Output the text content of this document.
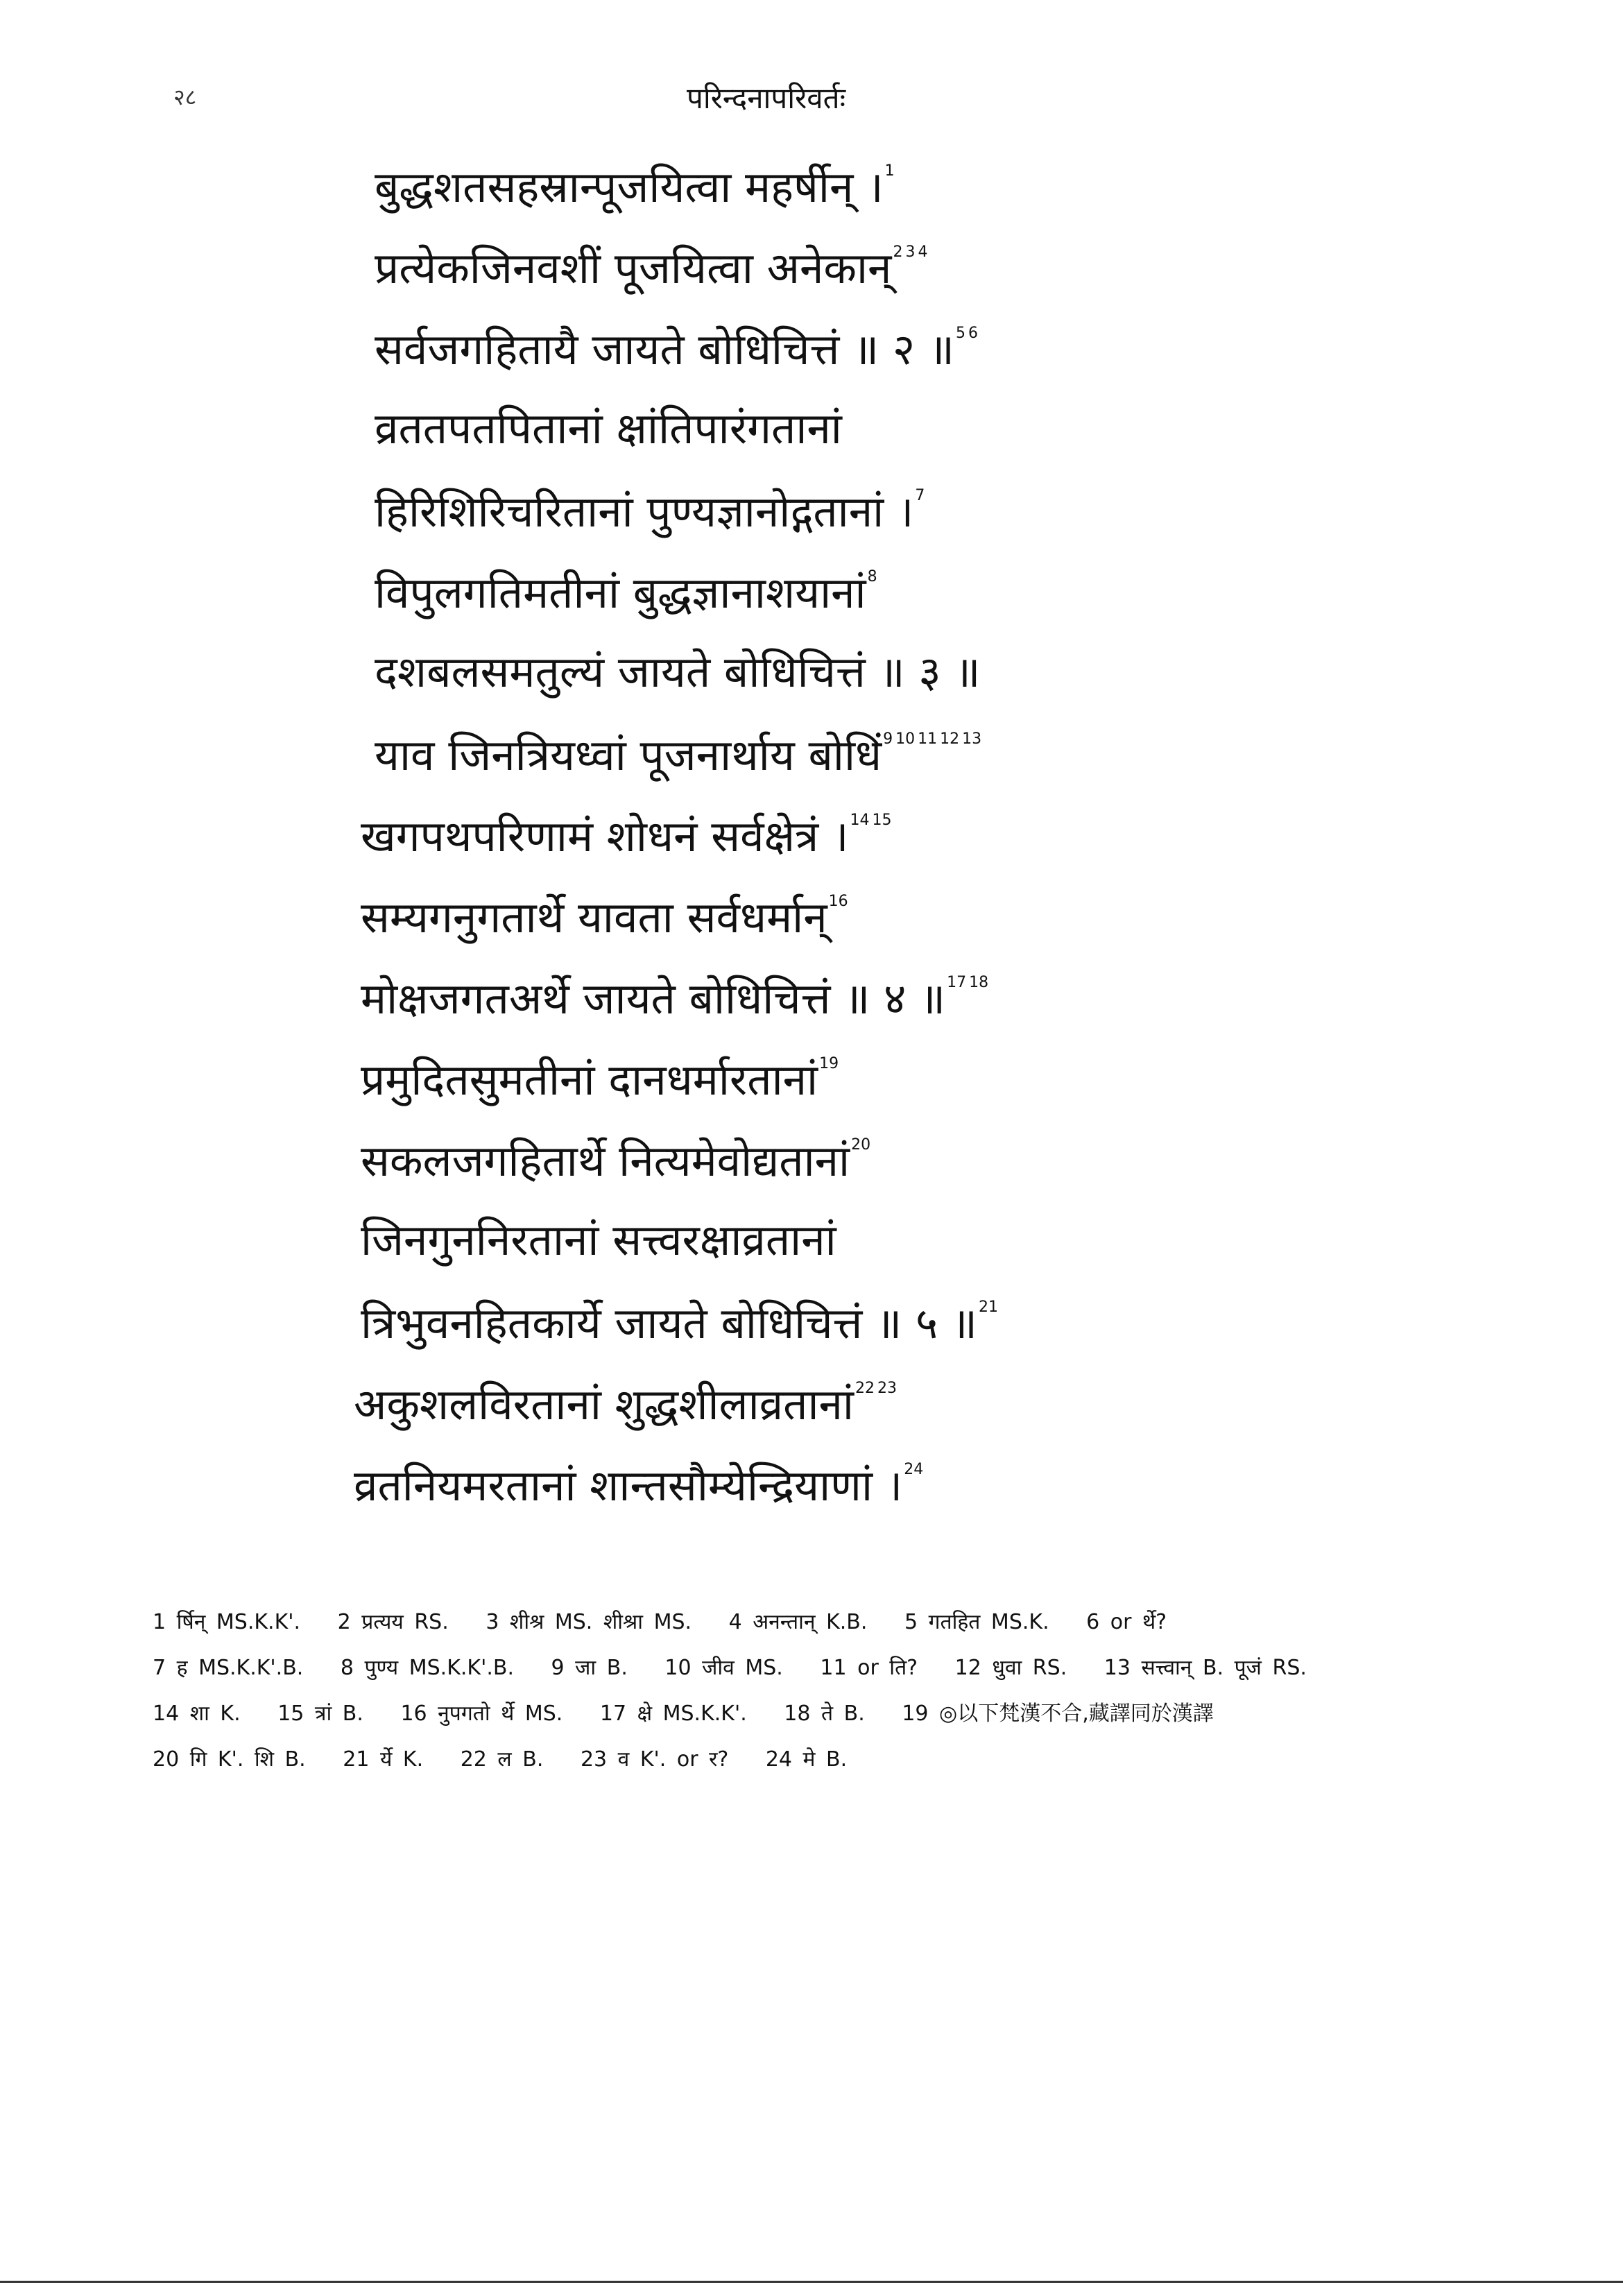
२८	परिन्दनापरिवर्तः
बुद्धशतसहस्रान्पूजयित्वा महर्षीन् ।1
प्रत्येकजिनवशीं पूजयित्वा अनेकान्2 3 4
सर्वजगहितायै जायते बोधिचित्तं ॥ २ ॥5 6
व्रततपतपितानां क्षांतिपारंगतानां
हिरिशिरिचरितानां पुण्यज्ञानोद्गतानां ।7
विपुलगतिमतीनां बुद्धज्ञानाशयानां8
दशबलसमतुल्यं जायते बोधिचित्तं ॥ ३ ॥
याव जिनत्रियध्वां पूजनार्थाय बोधिं9 10 11 12 13
खगपथपरिणामं शोधनं सर्वक्षेत्रं ।14 15
सम्यगनुगतार्थे यावता सर्वधर्मान्16
मोक्षजगतअर्थे जायते बोधिचित्तं ॥ ४ ॥17 18
प्रमुदितसुमतीनां दानधर्मारतानां19
सकलजगहितार्थे नित्यमेवोद्यतानां20
जिनगुननिरतानां सत्त्वरक्षाव्रतानां
त्रिभुवनहितकार्ये जायते बोधिचित्तं ॥ ५ ॥21
अकुशलविरतानां शुद्धशीलाव्रतानां22 23
व्रतनियमरतानां शान्तसौम्येन्द्रियाणां ।24
1 र्षिन् MS.K.K'. 2 प्रत्यय RS. 3 शीश्र MS. शीश्रा MS. 4 अनन्तान् K.B. 5 गतहित MS.K. 6 or र्थे? 7 ह MS.K.K'.B. 8 पुण्य MS.K.K'.B. 9 जा B. 10 जीव MS. 11 or ति? 12 धुवा RS. 13 सत्त्वान् B. पूजं RS. 14 शा K. 15 त्रां B. 16 नुपगतो र्थे MS. 17 क्षे MS.K.K'. 18 ते B. 19 ◎以下梵漢不合,藏譯同於漢譯 20 गि K'. शि B. 21 र्ये K. 22 ल B. 23 व K'. or र? 24 मे B.
